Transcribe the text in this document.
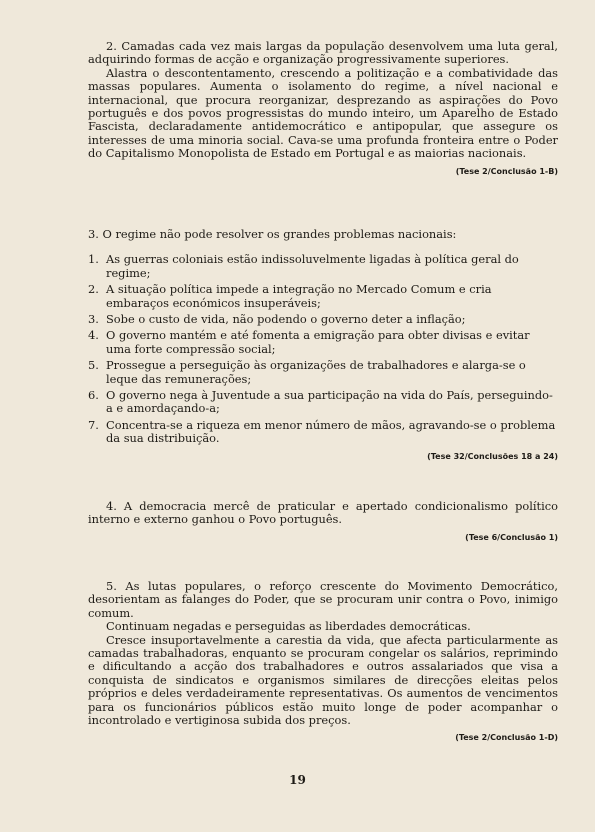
2. Camadas cada vez mais largas da população desenvolvem uma luta geral, adquirindo formas de acção e organização progressivamente superiores.

Alastra o descontentamento, crescendo a politização e a combatividade das massas populares. Aumenta o isolamento do regime, a nível nacional e internacional, que procura reorganizar, desprezando as aspirações do Povo português e dos povos progressistas do mundo inteiro, um Aparelho de Estado Fascista, declaradamente antidemocrático e antipopular, que assegure os interesses de uma minoria social. Cava-se uma profunda fronteira entre o Poder do Capitalismo Monopolista de Estado em Portugal e as maiorias nacionais.

(Tese 2/Conclusão 1-B)

3. O regime não pode resolver os grandes problemas nacionais:

1. As guerras coloniais estão indissoluvelmente ligadas à política geral do regime;
2. A situação política impede a integração no Mercado Comum e cria embaraços económicos insuperáveis;
3. Sobe o custo de vida, não podendo o governo deter a inflação;
4. O governo mantém e até fomenta a emigração para obter divisas e evitar uma forte compressão social;
5. Prossegue a perseguição às organizações de trabalhadores e alarga-se o leque das remunerações;
6. O governo nega à Juventude a sua participação na vida do País, perseguindo-a e amordaçando-a;
7. Concentra-se a riqueza em menor número de mãos, agravando-se o problema da sua distribuição.

(Tese 32/Conclusões 18 a 24)

4. A democracia mercê de praticular e apertado condicionalismo político interno e externo ganhou o Povo português.

(Tese 6/Conclusão 1)

5. As lutas populares, o reforço crescente do Movimento Democrático, desorientam as falanges do Poder, que se procuram unir contra o Povo, inimigo comum.

Continuam negadas e perseguidas as liberdades democráticas.

Cresce insuportavelmente a carestia da vida, que afecta particularmente as camadas trabalhadoras, enquanto se procuram congelar os salários, reprimindo e dificultando a acção dos trabalhadores e outros assalariados que visa a conquista de sindicatos e organismos similares de direcções eleitas pelos próprios e deles verdadeiramente representativas. Os aumentos de vencimentos para os funcionários públicos estão muito longe de poder acompanhar o incontrolado e vertiginosa subida dos preços.

(Tese 2/Conclusão 1-D)

19
